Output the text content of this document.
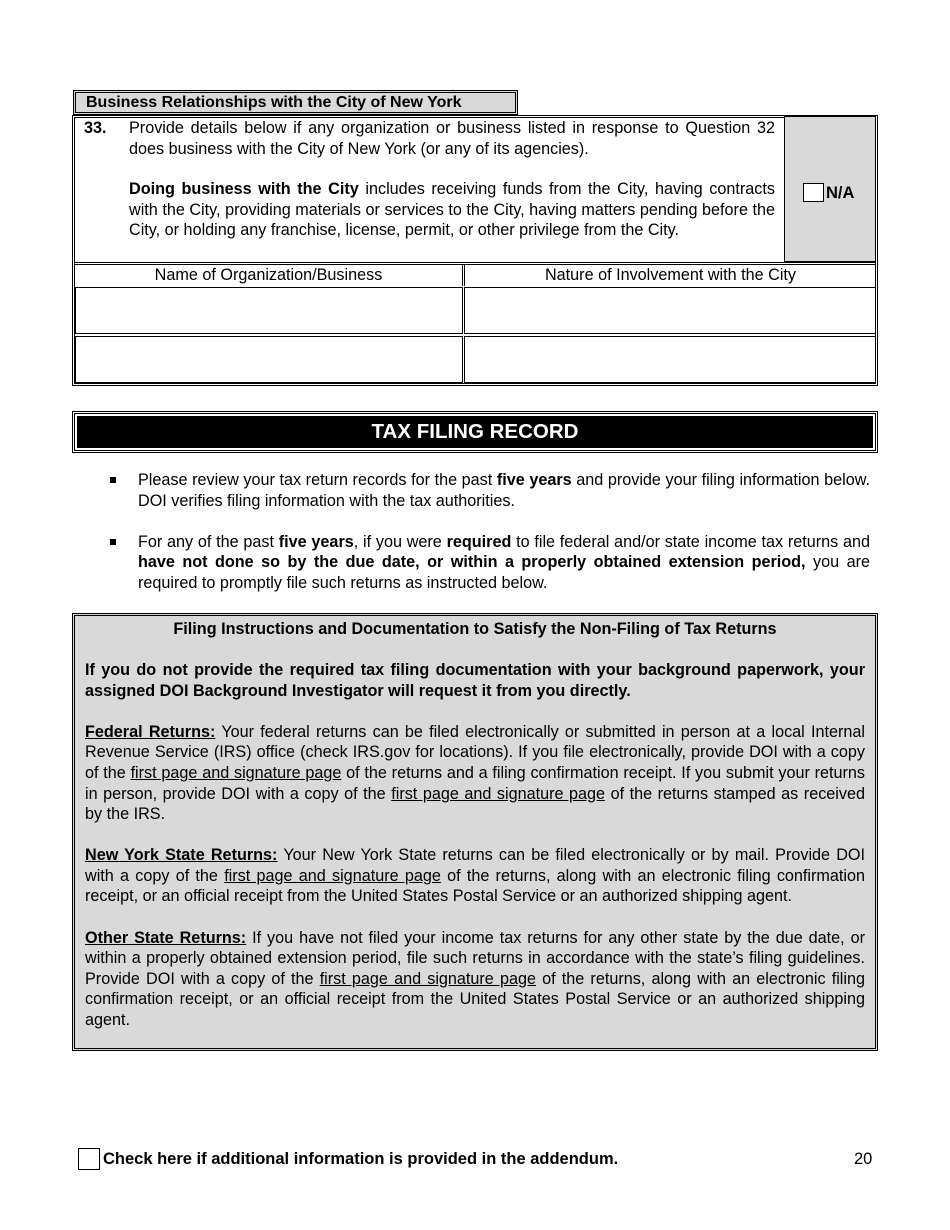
Business Relationships with the City of New York
33. Provide details below if any organization or business listed in response to Question 32 does business with the City of New York (or any of its agencies).

Doing business with the City includes receiving funds from the City, having contracts with the City, providing materials or services to the City, having matters pending before the City, or holding any franchise, license, permit, or other privilege from the City.

N/A
Name of Organization/Business	Nature of Involvement with the City
TAX FILING RECORD
Please review your tax return records for the past five years and provide your filing information below. DOI verifies filing information with the tax authorities.
For any of the past five years, if you were required to file federal and/or state income tax returns and have not done so by the due date, or within a properly obtained extension period, you are required to promptly file such returns as instructed below.

Filing Instructions and Documentation to Satisfy the Non-Filing of Tax Returns

If you do not provide the required tax filing documentation with your background paperwork, your assigned DOI Background Investigator will request it from you directly.

Federal Returns: Your federal returns can be filed electronically or submitted in person at a local Internal Revenue Service (IRS) office (check IRS.gov for locations). If you file electronically, provide DOI with a copy of the first page and signature page of the returns and a filing confirmation receipt. If you submit your returns in person, provide DOI with a copy of the first page and signature page of the returns stamped as received by the IRS.

New York State Returns: Your New York State returns can be filed electronically or by mail. Provide DOI with a copy of the first page and signature page of the returns, along with an electronic filing confirmation receipt, or an official receipt from the United States Postal Service or an authorized shipping agent.

Other State Returns: If you have not filed your income tax returns for any other state by the due date, or within a properly obtained extension period, file such returns in accordance with the state’s filing guidelines. Provide DOI with a copy of the first page and signature page of the returns, along with an electronic filing confirmation receipt, or an official receipt from the United States Postal Service or an authorized shipping agent.

Check here if additional information is provided in the addendum.	20
